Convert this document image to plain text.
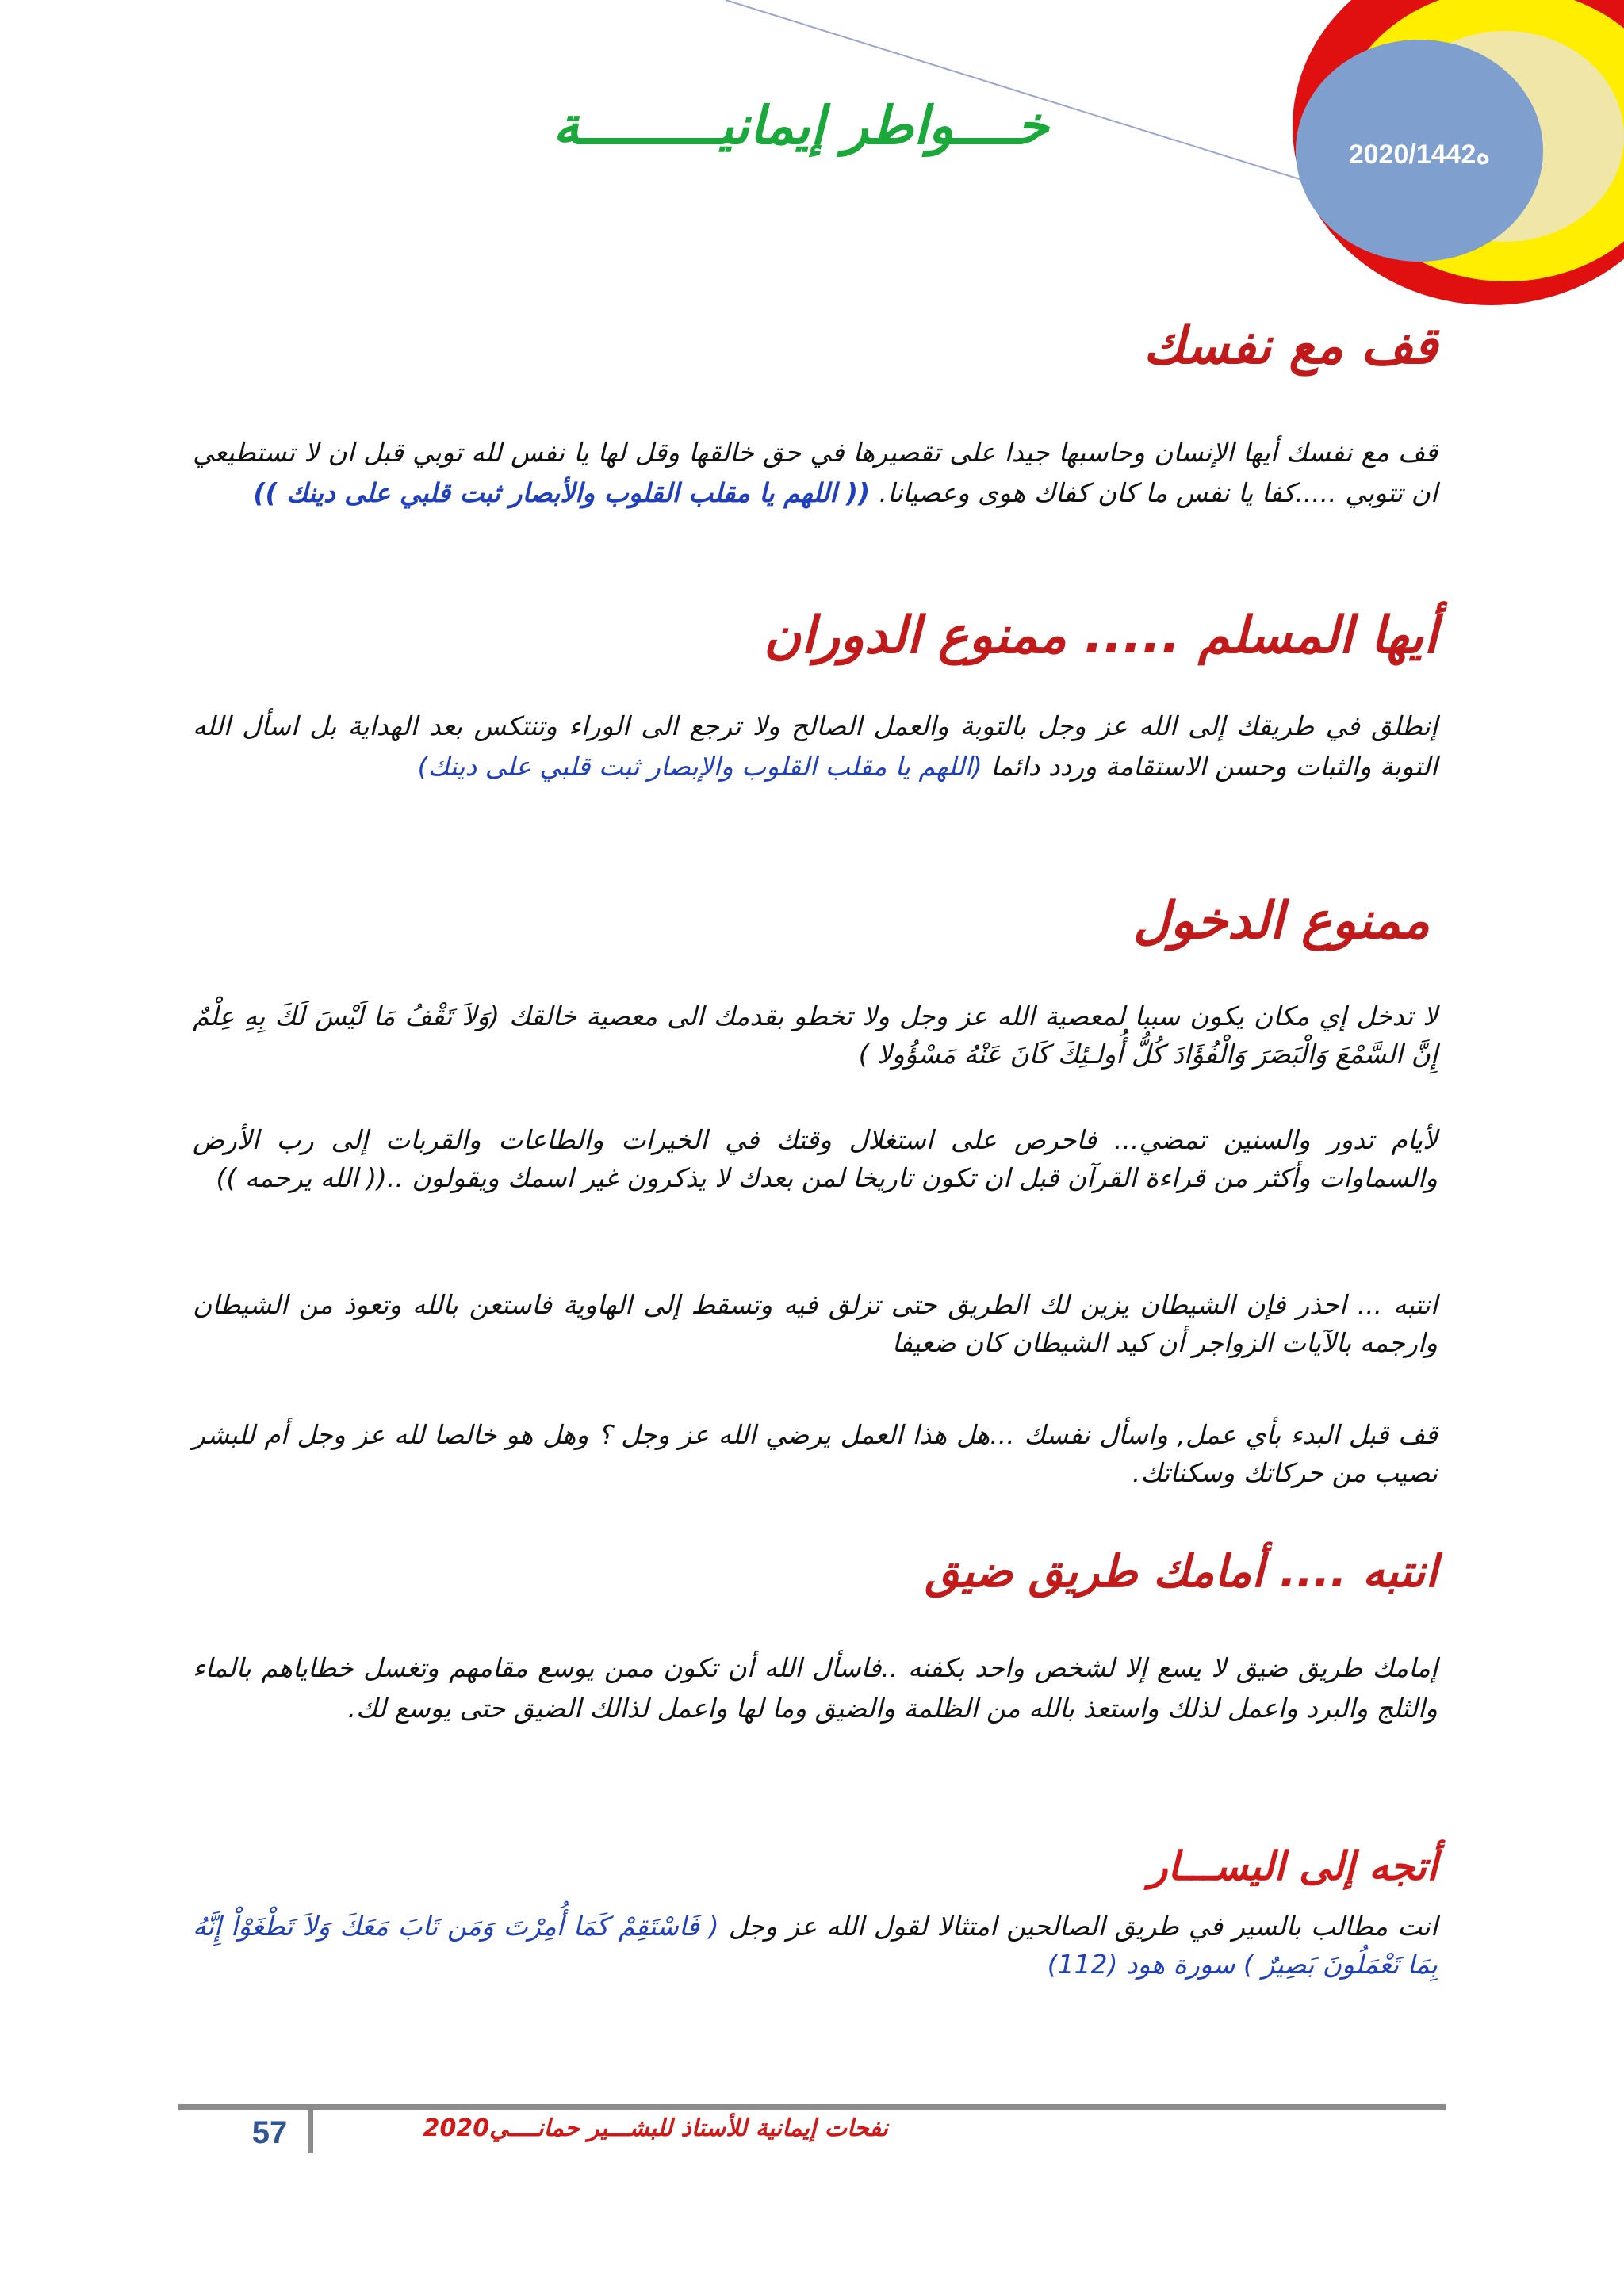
2020/ه1442
خــــواطر إيمانيـــــــــة
قف مع نفسك
قف مع نفسك أيها الإنسان وحاسبها جيدا على تقصيرها في حق خالقها وقل لها يا نفس لله توبي قبل ان لا تستطيعي ان تتوبي .....كفا يا نفس ما كان كفاك هوى وعصيانا. (( اللهم يا مقلب القلوب والأبصار ثبت قلبي على دينك ))
أيها المسلم ..... ممنوع الدوران
إنطلق في طريقك إلى الله عز وجل بالتوبة والعمل الصالح ولا ترجع الى الوراء وتنتكس بعد الهداية بل اسأل الله التوبة والثبات وحسن الاستقامة وردد دائما (اللهم يا مقلب القلوب والإبصار ثبت قلبي على دينك)
ممنوع الدخول
لا تدخل إي مكان يكون سببا لمعصية الله عز وجل ولا تخطو بقدمك الى معصية خالقك (وَلاَ تَقْفُ مَا لَيْسَ لَكَ بِهِ عِلْمٌ إِنَّ السَّمْعَ وَالْبَصَرَ وَالْفُؤَادَ كُلُّ أُولـئِكَ كَانَ عَنْهُ مَسْؤُولا )
لأيام تدور والسنين تمضي... فاحرص على استغلال وقتك في الخيرات والطاعات والقربات إلى رب الأرض والسماوات وأكثر من قراءة القرآن قبل ان تكون تاريخا لمن بعدك لا يذكرون غير اسمك ويقولون ..(( الله يرحمه ))
انتبه ... احذر فإن الشيطان يزين لك الطريق حتى تزلق فيه وتسقط إلى الهاوية فاستعن بالله وتعوذ من الشيطان وارجمه بالآيات الزواجر أن كيد الشيطان كان ضعيفا
قف قبل البدء بأي عمل, واسأل نفسك ...هل هذا العمل يرضي الله عز وجل ؟ وهل هو خالصا لله عز وجل أم للبشر نصيب من حركاتك وسكناتك.
انتبه .... أمامك طريق ضيق
إمامك طريق ضيق لا يسع إلا لشخص واحد بكفنه ..فاسأل الله أن تكون ممن يوسع مقامهم وتغسل خطاياهم بالماء والثلج والبرد واعمل لذلك واستعذ بالله من الظلمة والضيق وما لها واعمل لذالك الضيق حتى يوسع لك.
أتجه إلى اليســـار
انت مطالب بالسير في طريق الصالحين امتثالا لقول الله عز وجل ( فَاسْتَقِمْ كَمَا أُمِرْتَ وَمَن تَابَ مَعَكَ وَلاَ تَطْغَوْاْ إِنَّهُ بِمَا تَعْمَلُونَ بَصِيرٌ ) سورة هود (112)
57	نفحات إيمانية للأستاذ للبشـــير حمانــــي2020
